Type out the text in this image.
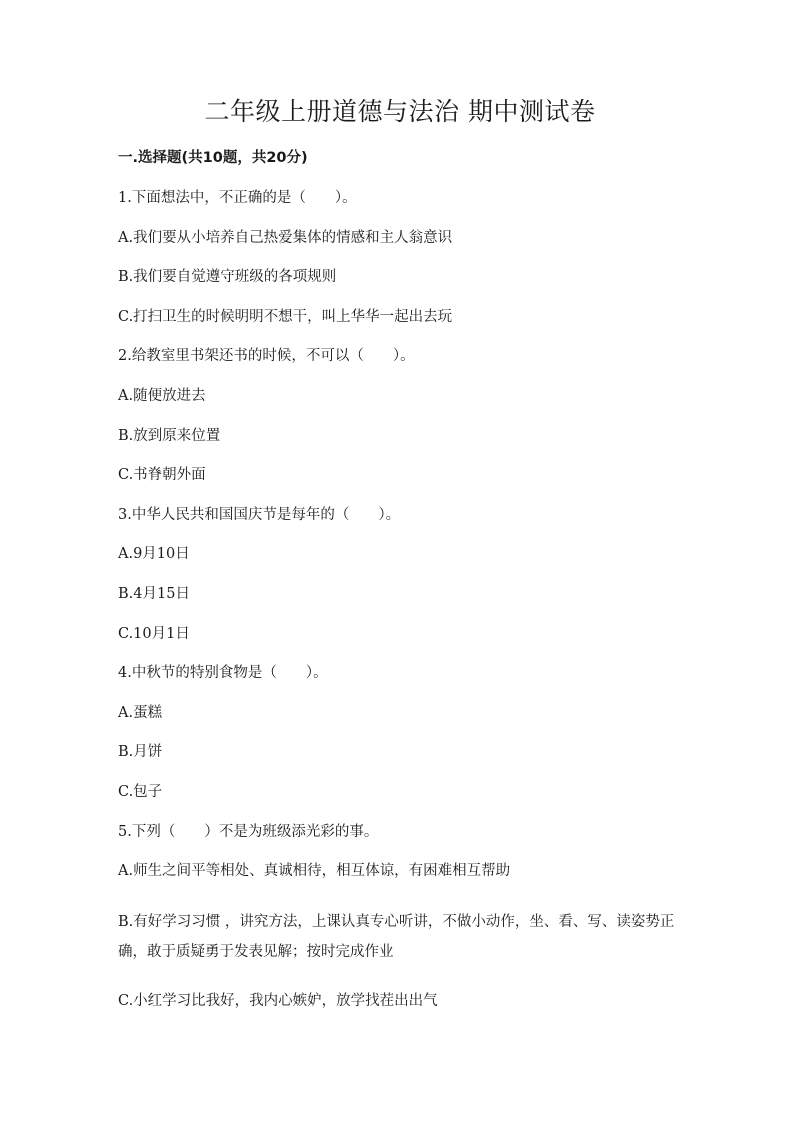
二年级上册道德与法治 期中测试卷
一.选择题(共10题，共20分)
1.下面想法中，不正确的是（　　）。
A.我们要从小培养自己热爱集体的情感和主人翁意识
B.我们要自觉遵守班级的各项规则
C.打扫卫生的时候明明不想干，叫上华华一起出去玩
2.给教室里书架还书的时候，不可以（　　）。
A.随便放进去
B.放到原来位置
C.书脊朝外面
3.中华人民共和国国庆节是每年的（　　）。
A.9月10日
B.4月15日
C.10月1日
4.中秋节的特别食物是（　　）。
A.蛋糕
B.月饼
C.包子
5.下列（　　）不是为班级添光彩的事。
A.师生之间平等相处、真诚相待，相互体谅，有困难相互帮助
B.有好学习习惯 ，讲究方法，上课认真专心听讲，不做小动作，坐、看、写、读姿势正确，敢于质疑勇于发表见解；按时完成作业
C.小红学习比我好，我内心嫉妒，放学找茬出出气
